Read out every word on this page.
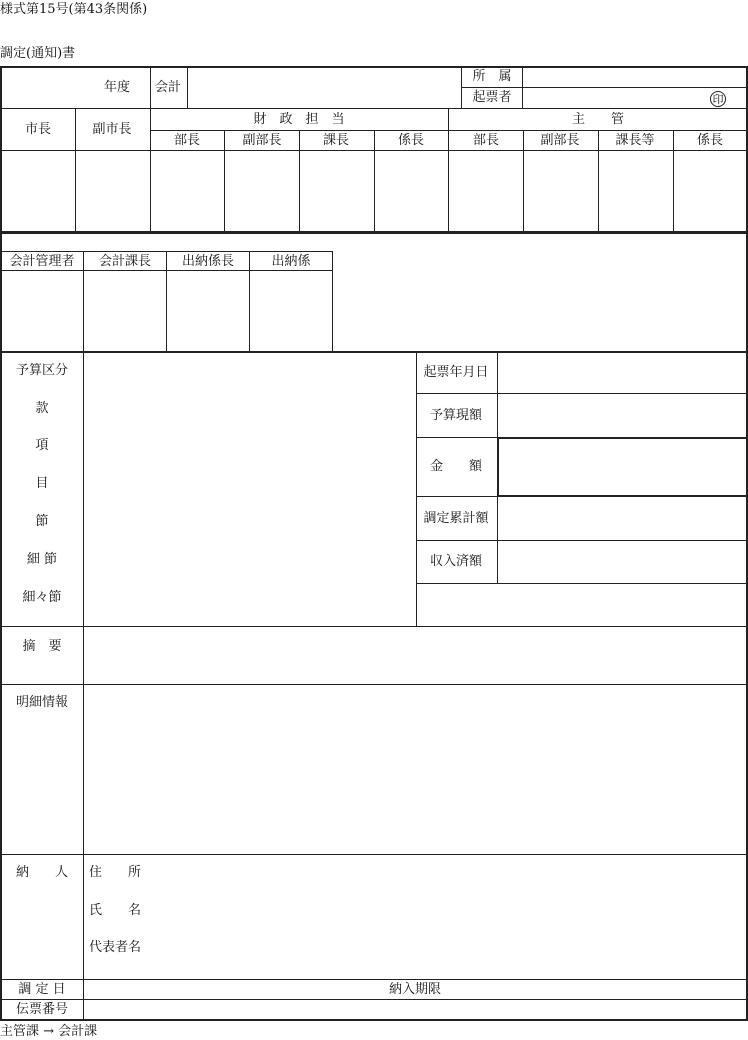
様式第15号(第43条関係)
調定(通知)書
年度 会計
所　属
起票者	印
市長	副市長
財　政　担　当	主　　管
部長	副部長	課長	係長	部長	副部長	課長等	係長
会計管理者 会計課長 出納係長	出納係
予算区分
款
項
目
節
細 節
細々節
起票年月日
予算現額
金　　額
調定累計額
収入済額
摘　要
明細情報
納　　人 住　　所
氏　　名
代表者名
調 定 日	納入期限
伝票番号
主管課 → 会計課
